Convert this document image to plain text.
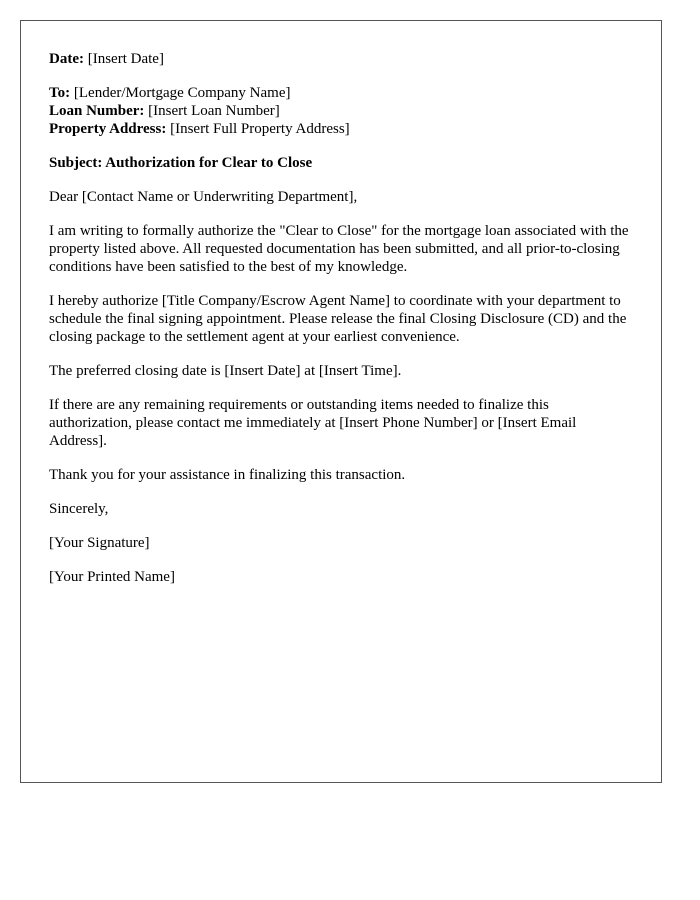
Date: [Insert Date]

To: [Lender/Mortgage Company Name]
Loan Number: [Insert Loan Number]
Property Address: [Insert Full Property Address]

Subject: Authorization for Clear to Close

Dear [Contact Name or Underwriting Department],

I am writing to formally authorize the "Clear to Close" for the mortgage loan associated with the property listed above. All requested documentation has been submitted, and all prior-to-closing conditions have been satisfied to the best of my knowledge.

I hereby authorize [Title Company/Escrow Agent Name] to coordinate with your department to schedule the final signing appointment. Please release the final Closing Disclosure (CD) and the closing package to the settlement agent at your earliest convenience.

The preferred closing date is [Insert Date] at [Insert Time].

If there are any remaining requirements or outstanding items needed to finalize this authorization, please contact me immediately at [Insert Phone Number] or [Insert Email Address].

Thank you for your assistance in finalizing this transaction.

Sincerely,

[Your Signature]

[Your Printed Name]
